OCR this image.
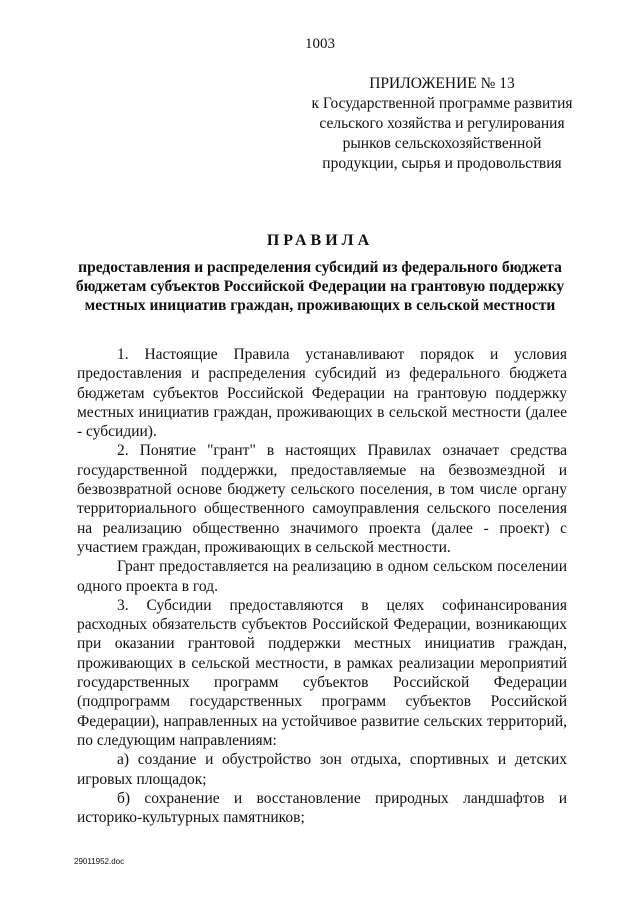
1003
ПРИЛОЖЕНИЕ № 13
к Государственной программе развития
сельского хозяйства и регулирования
рынков сельскохозяйственной
продукции, сырья и продовольствия
ПРАВИЛА
предоставления и распределения субсидий из федерального бюджета бюджетам субъектов Российской Федерации на грантовую поддержку местных инициатив граждан, проживающих в сельской местности

1. Настоящие Правила устанавливают порядок и условия предоставления и распределения субсидий из федерального бюджета бюджетам субъектов Российской Федерации на грантовую поддержку местных инициатив граждан, проживающих в сельской местности (далее - субсидии).

2. Понятие "грант" в настоящих Правилах означает средства государственной поддержки, предоставляемые на безвозмездной и безвозвратной основе бюджету сельского поселения, в том числе органу территориального общественного самоуправления сельского поселения на реализацию общественно значимого проекта (далее - проект) с участием граждан, проживающих в сельской местности.

Грант предоставляется на реализацию в одном сельском поселении одного проекта в год.

3. Субсидии предоставляются в целях софинансирования расходных обязательств субъектов Российской Федерации, возникающих при оказании грантовой поддержки местных инициатив граждан, проживающих в сельской местности, в рамках реализации мероприятий государственных программ субъектов Российской Федерации (подпрограмм государственных программ субъектов Российской Федерации), направленных на устойчивое развитие сельских территорий, по следующим направлениям:

а) создание и обустройство зон отдыха, спортивных и детских игровых площадок;

б) сохранение и восстановление природных ландшафтов и историко-культурных памятников;

29011952.doc
